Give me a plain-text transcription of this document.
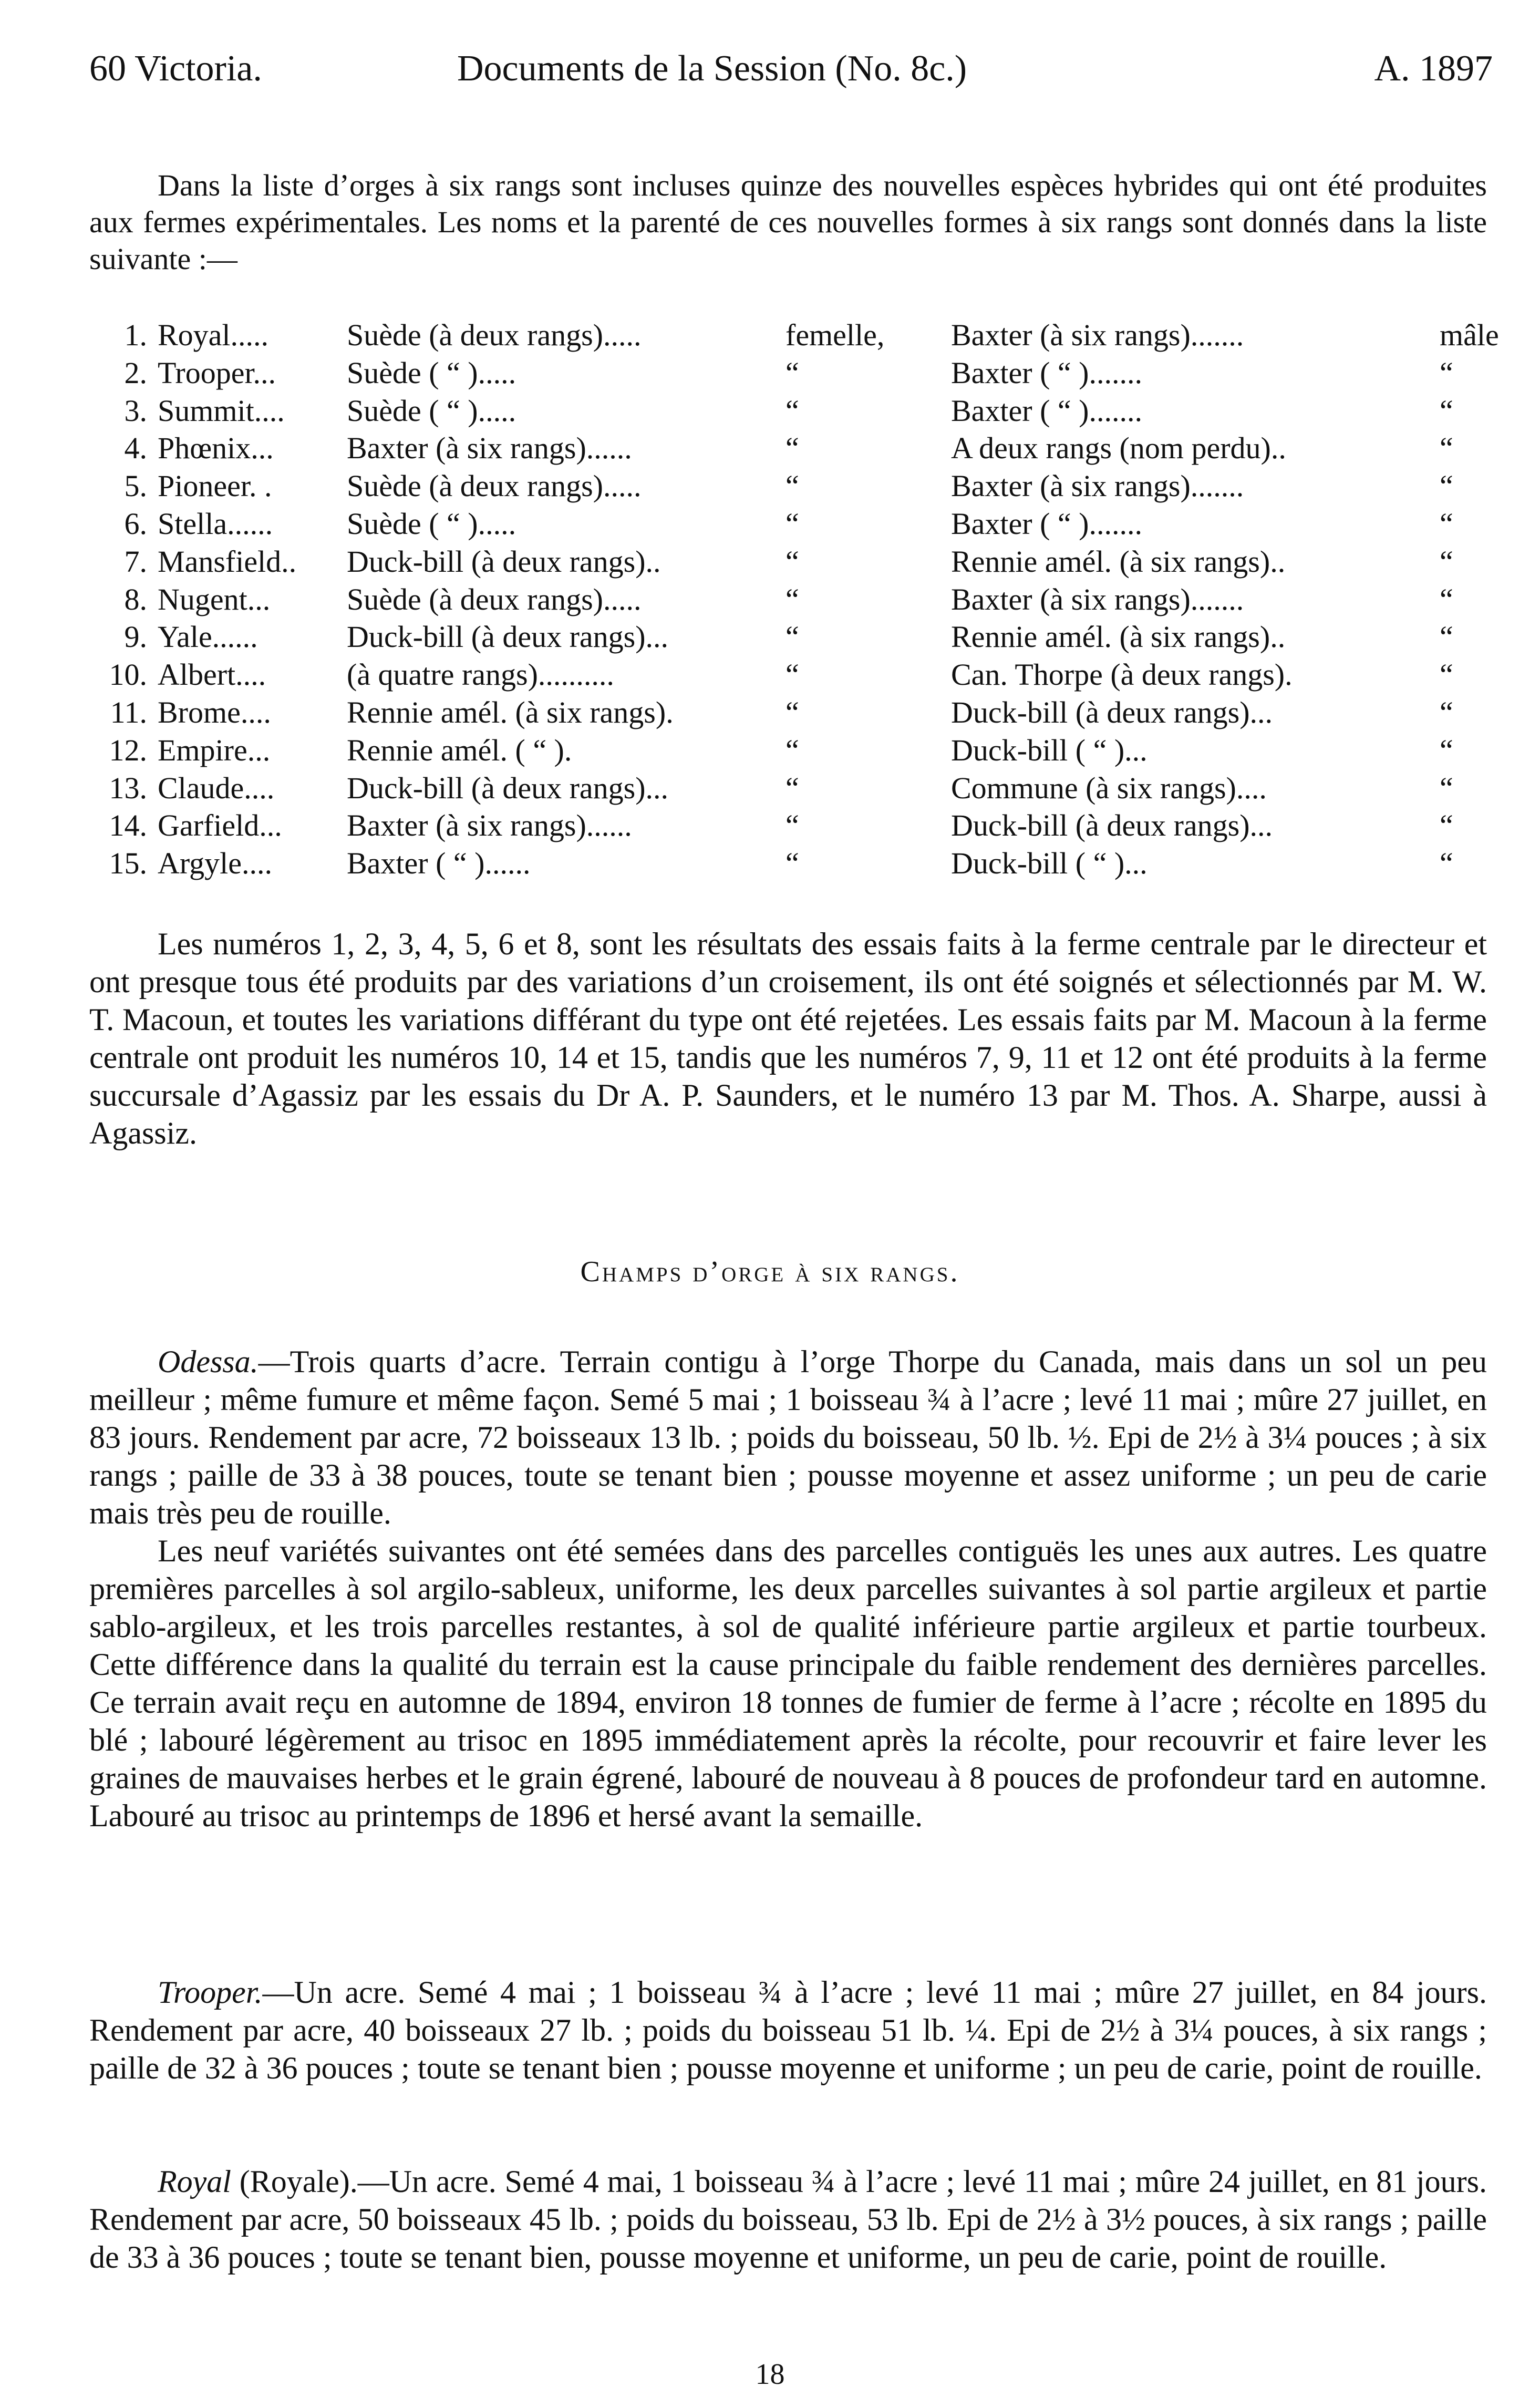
60 Victoria.	Documents de la Session (No. 8c.)	A. 1897

Dans la liste d’orges à six rangs sont incluses quinze des nouvelles espèces hybrides qui ont été produites aux fermes expérimentales. Les noms et la parenté de ces nouvelles formes à six rangs sont donnés dans la liste suivante :—

1. Royal.....	Suède (à deux rangs).....	femelle, Baxter (à six rangs).......	mâle
2. Trooper... Suède ( “ ).....	“	Baxter ( “ ).......	“
3. Summit.... Suède ( “ ).....	“	Baxter ( “ ).......	“
4. Phœnix... Baxter (à six rangs)......	“	A deux rangs (nom perdu)..	“
5. Pioneer. . Suède (à deux rangs).....	“	Baxter (à six rangs).......	“
6. Stella...... Suède ( “ ).....	“	Baxter ( “ ).......	“
7. Mansfield.. Duck-bill (à deux rangs)..	“	Rennie amél. (à six rangs)..	“
8. Nugent...	Suède (à deux rangs).....	“	Baxter (à six rangs).......	“
9. Yale......	Duck-bill (à deux rangs)...	“	Rennie amél. (à six rangs)..	“
10. Albert....	(à quatre rangs)..........	“	Can. Thorpe (à deux rangs).	“
11. Brome.... Rennie amél. (à six rangs).	“	Duck-bill (à deux rangs)...	“
12. Empire...	Rennie amél. ( “ ).	“	Duck-bill ( “ )...	“
13. Claude.... Duck-bill (à deux rangs)...	“	Commune (à six rangs)....	“
14. Garfield... Baxter (à six rangs)......	“	Duck-bill (à deux rangs)...	“
15. Argyle.... Baxter ( “ )......	“	Duck-bill ( “ )...	“

Les numéros 1, 2, 3, 4, 5, 6 et 8, sont les résultats des essais faits à la ferme centrale par le directeur et ont presque tous été produits par des variations d’un croisement, ils ont été soignés et sélectionnés par M. W. T. Macoun, et toutes les variations différant du type ont été rejetées. Les essais faits par M. Macoun à la ferme centrale ont produit les numéros 10, 14 et 15, tandis que les numéros 7, 9, 11 et 12 ont été produits à la ferme succursale d’Agassiz par les essais du Dr A. P. Saunders, et le numéro 13 par M. Thos. A. Sharpe, aussi à Agassiz.

Champs d’orge à six rangs.

Odessa.—Trois quarts d’acre. Terrain contigu à l’orge Thorpe du Canada, mais dans un sol un peu meilleur ; même fumure et même façon. Semé 5 mai ; 1 boisseau ¾ à l’acre ; levé 11 mai ; mûre 27 juillet, en 83 jours. Rendement par acre, 72 boisseaux 13 lb. ; poids du boisseau, 50 lb. ½. Epi de 2½ à 3¼ pouces ; à six rangs ; paille de 33 à 38 pouces, toute se tenant bien ; pousse moyenne et assez uniforme ; un peu de carie mais très peu de rouille.

Les neuf variétés suivantes ont été semées dans des parcelles contiguës les unes aux autres. Les quatre premières parcelles à sol argilo-sableux, uniforme, les deux parcelles suivantes à sol partie argileux et partie sablo-argileux, et les trois parcelles restantes, à sol de qualité inférieure partie argileux et partie tourbeux. Cette différence dans la qualité du terrain est la cause principale du faible rendement des dernières parcelles. Ce terrain avait reçu en automne de 1894, environ 18 tonnes de fumier de ferme à l’acre ; récolte en 1895 du blé ; labouré légèrement au trisoc en 1895 immédiatement après la récolte, pour recouvrir et faire lever les graines de mauvaises herbes et le grain égrené, labouré de nouveau à 8 pouces de profondeur tard en automne. Labouré au trisoc au printemps de 1896 et hersé avant la semaille.

Trooper.—Un acre. Semé 4 mai ; 1 boisseau ¾ à l’acre ; levé 11 mai ; mûre 27 juillet, en 84 jours. Rendement par acre, 40 boisseaux 27 lb. ; poids du boisseau 51 lb. ¼. Epi de 2½ à 3¼ pouces, à six rangs ; paille de 32 à 36 pouces ; toute se tenant bien ; pousse moyenne et uniforme ; un peu de carie, point de rouille.

Royal (Royale).—Un acre. Semé 4 mai, 1 boisseau ¾ à l’acre ; levé 11 mai ; mûre 24 juillet, en 81 jours. Rendement par acre, 50 boisseaux 45 lb. ; poids du boisseau, 53 lb. Epi de 2½ à 3½ pouces, à six rangs ; paille de 33 à 36 pouces ; toute se tenant bien, pousse moyenne et uniforme, un peu de carie, point de rouille.

18
